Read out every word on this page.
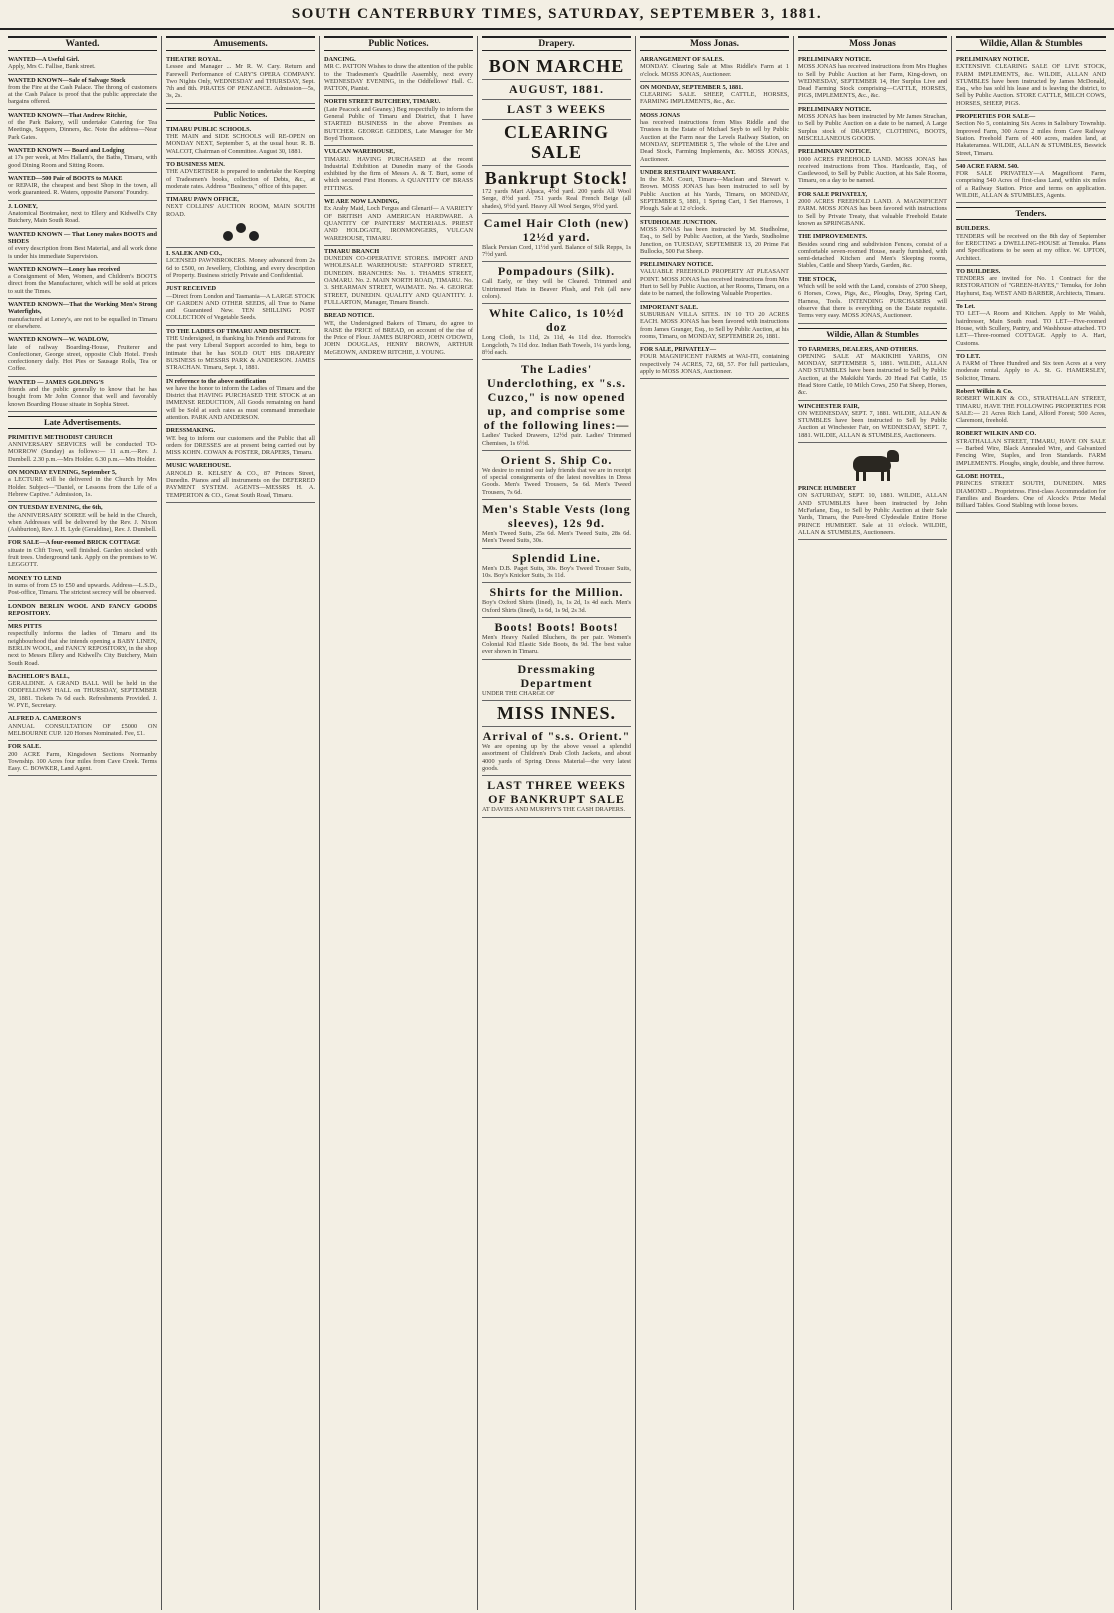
SOUTH CANTERBURY TIMES, SATURDAY, SEPTEMBER 3, 1881.
Wanted.
WANTED—A Useful Girl.
Apply, Mrs C. Fallise, Bank street.
WANTED KNOWN—Sale of Salvage Stock
from the Fire at the Cash Palace. The throng of customers at the Cash Palace is proof that the public appreciate the bargains offered.
WANTED KNOWN—That Andrew Ritchie,
of the Park Bakery, will undertake Catering for Tea Meetings, Suppers, Dinners, &c. Note the address—Near Park Gates.
WANTED KNOWN — Board and Lodging
at 17s per week, at Mrs Hallam's, the Baths, Timaru, with good Dining Room and Sitting Room.
WANTED—500 Pair of BOOTS to MAKE
or REPAIR, the cheapest and best Shop in the town, all work guaranteed. R. Waters, opposite Parsons' Foundry.
J. LONEY,
Anatomical Bootmaker, next to Ellery and Kidwell's City Butchery, Main South Road.
WANTED KNOWN — That Loney makes BOOTS and SHOES
of every description from Best Material, and all work done is under his immediate Supervision.
WANTED KNOWN—Loney has received
a Consignment of Men, Women, and Children's BOOTS direct from the Manufacturer, which will be sold at prices to suit the Times.
WANTED KNOWN—That the Working Men's Strong Waterfights,
manufactured at Loney's, are not to be equalled in Timaru or elsewhere.
WANTED KNOWN—W. WADLOW,
late of railway Boarding-House, Fruiterer and Confectioner, George street, opposite Club Hotel. Fresh confectionery daily. Hot Pies or Sausage Rolls, Tea or Coffee.
WANTED — JAMES GOLDING'S
friends and the public generally to know that he has bought from Mr John Connor that well and favorably known Boarding House situate in Sophia Street.
Late Advertisements.
PRIMITIVE METHODIST CHURCH
ANNIVERSARY SERVICES will be conducted TO-MORROW (Sunday) as follows:— 11 a.m.—Rev. J. Dumbell. 2.30 p.m.—Mrs Holder. 6.30 p.m.—Mrs Holder.
ON MONDAY EVENING, September 5,
a LECTURE will be delivered in the Church by Mrs Holder. Subject—"Daniel, or Lessons from the Life of a Hebrew Captive." Admission, 1s.
ON TUESDAY EVENING, the 6th,
the ANNIVERSARY SOIREE will be held in the Church, when Addresses will be delivered by the Rev. J. Nixon (Ashburton), Rev. J. H. Lyde (Geraldine), Rev. J. Dumbell.
FOR SALE—A four-roomed BRICK COTTAGE
situate in Clift Town, well finished. Garden stocked with fruit trees. Underground tank. Apply on the premises to W. LEGGOTT.
MONEY TO LEND
in sums of from £5 to £50 and upwards. Address—L.S.D., Post-office, Timaru. The strictest secrecy will be observed.
LONDON BERLIN WOOL AND FANCY GOODS REPOSITORY.
MRS PITTS
respectfully informs the ladies of Timaru and its neighbourhood that she intends opening a BABY LINEN, BERLIN WOOL, and FANCY REPOSITORY, in the shop next to Messrs Ellery and Kidwell's City Butchery, Main South Road.
BACHELOR'S BALL,
GERALDINE. A GRAND BALL Will be held in the ODDFELLOWS' HALL on THURSDAY, SEPTEMBER 29, 1881. Tickets 7s 6d each. Refreshments Provided. J. W. PYE, Secretary.
ALFRED A. CAMERON'S
ANNUAL CONSULTATION OF £5000 ON MELBOURNE CUP. 120 Horses Nominated. Fee, £1.
FOR SALE.
200 ACRE Farm, Kingsdown Sections Normanby Township. 100 Acres four miles from Cave Creek. Terms Easy. C. BOWKER, Land Agent.
Amusements.
THEATRE ROYAL.
Lessee and Manager ... Mr R. W. Cary. Return and Farewell Performance of CARY'S OPERA COMPANY. Two Nights Only, WEDNESDAY and THURSDAY, Sept. 7th and 8th. PIRATES OF PENZANCE. Admission—5s, 3s, 2s.
Public Notices.
TIMARU PUBLIC SCHOOLS.
THE MAIN and SIDE SCHOOLS will RE-OPEN on MONDAY NEXT, September 5, at the usual hour. R. B. WALCOT, Chairman of Committee. August 30, 1881.
TO BUSINESS MEN.
THE ADVERTISER is prepared to undertake the Keeping of Tradesmen's books, collection of Debts, &c., at moderate rates. Address "Business," office of this paper.
TIMARU PAWN OFFICE,
NEXT COLLINS' AUCTION ROOM, MAIN SOUTH ROAD.
I. SALEK AND CO.,
LICENSED PAWNBROKERS. Money advanced from 2s 6d to £500, on Jewellery, Clothing, and every description of Property. Business strictly Private and Confidential.
JUST RECEIVED
—Direct from London and Tasmania—A LARGE STOCK OF GARDEN AND OTHER SEEDS, all True to Name and Guaranteed New. TEN SHILLING POST COLLECTION of Vegetable Seeds.
TO THE LADIES OF TIMARU AND DISTRICT.
THE Undersigned, in thanking his Friends and Patrons for the past very Liberal Support accorded to him, begs to intimate that he has SOLD OUT HIS DRAPERY BUSINESS to MESSRS PARK & ANDERSON. JAMES STRACHAN. Timaru, Sept. 1, 1881.
IN reference to the above notification
we have the honor to inform the Ladies of Timaru and the District that HAVING PURCHASED THE STOCK at an IMMENSE REDUCTION, All Goods remaining on hand will be Sold at such rates as must command immediate attention. PARK AND ANDERSON.
DRESSMAKING.
WE beg to inform our customers and the Public that all orders for DRESSES are at present being carried out by MISS KOHN. COWAN & FOSTER, DRAPERS, Timaru.
MUSIC WAREHOUSE.
ARNOLD R. KELSEY & CO., 87 Princes Street, Dunedin. Pianos and all instruments on the DEFERRED PAYMENT SYSTEM. AGENTS—MESSRS H. A. TEMPERTON & CO., Great South Road, Timaru.
Public Notices.
DANCING.
MR C. PATTON Wishes to draw the attention of the public to the Tradesmen's Quadrille Assembly, next every WEDNESDAY EVENING, in the Oddfellows' Hall. C. PATTON, Pianist.
NORTH STREET BUTCHERY, TIMARU.
(Late Peacock and Geaney.) Beg respectfully to inform the General Public of Timaru and District, that I have STARTED BUSINESS in the above Premises as BUTCHER. GEORGE GEDDES, Late Manager for Mr Boyd Thomson.
VULCAN WAREHOUSE,
TIMARU. HAVING PURCHASED at the recent Industrial Exhibition at Dunedin many of the Goods exhibited by the firm of Messrs A. & T. Burt, some of which secured First Honors. A QUANTITY OF BRASS FITTINGS.
WE ARE NOW LANDING,
Ex Araby Maid, Loch Fergus and Glenarif— A VARIETY OF BRITISH AND AMERICAN HARDWARE. A QUANTITY OF PAINTERS' MATERIALS. PRIEST AND HOLDGATE, IRONMONGERS, VULCAN WAREHOUSE, TIMARU.
TIMARU BRANCH
DUNEDIN CO-OPERATIVE STORES. IMPORT AND WHOLESALE WAREHOUSE: STAFFORD STREET, DUNEDIN. BRANCHES: No. 1. THAMES STREET, OAMARU. No. 2. MAIN NORTH ROAD, TIMARU. No. 3. SHEARMAN STREET, WAIMATE. No. 4. GEORGE STREET, DUNEDIN. QUALITY AND QUANTITY. J. FULLARTON, Manager, Timaru Branch.
BREAD NOTICE.
WE, the Undersigned Bakers of Timaru, do agree to RAISE the PRICE of BREAD, on account of the rise of the Price of Flour. JAMES BURFORD, JOHN O'DOWD, JOHN DOUGLAS, HENRY BROWN, ARTHUR McGEOWN, ANDREW RITCHIE, J. YOUNG.
Drapery.
BON MARCHE
AUGUST, 1881.
LAST 3 WEEKS
CLEARING SALE
Bankrupt Stock!
172 yards Mart Alpaca, 4½d yard. 200 yards All Wool Serge, 8½d yard. 751 yards Real French Beige (all shades), 9½d yard. Heavy All Wool Serges, 9½d yard.
Camel Hair Cloth (new) 12½d yard.
Black Persian Cord, 11½d yard. Balance of Silk Repps, 1s 7½d yard.
Pompadours (Silk).
Call Early, or they will be Cleared. Trimmed and Untrimmed Hats in Beaver Plush, and Felt (all new colors).
White Calico, 1s 10½d doz
Long Cloth, 1s 11d, 2s 11d, 4s 11d doz. Horrock's Longcloth, 7s 11d doz. Indian Bath Towels, 1¼ yards long, 8½d each.
The Ladies' Underclothing, ex "s.s. Cuzco," is now opened up, and comprise some of the following lines:—
Ladies' Tucked Drawers, 12½d pair. Ladies' Trimmed Chemises, 1s 6½d.
Orient S. Ship Co.
We desire to remind our lady friends that we are in receipt of special consignments of the latest novelties in Dress Goods. Men's Tweed Trousers, 5s 6d. Men's Tweed Trousers, 7s 6d.
Men's Stable Vests (long sleeves), 12s 9d.
Men's Tweed Suits, 25s 6d. Men's Tweed Suits, 28s 6d. Men's Tweed Suits, 30s.
Splendid Line.
Men's D.B. Paget Suits, 30s. Boy's Tweed Trouser Suits, 10s. Boy's Knicker Suits, 3s 11d.
Shirts for the Million.
Boy's Oxford Shirts (lined), 1s, 1s 2d, 1s 4d each. Men's Oxford Shirts (lined), 1s 6d, 1s 9d, 2s 3d.
Boots! Boots! Boots!
Men's Heavy Nailed Bluchers, 8s per pair. Women's Colonial Kid Elastic Side Boots, 8s 9d. The best value ever shown in Timaru.
Dressmaking Department
UNDER THE CHARGE OF
MISS INNES.
Arrival of "s.s. Orient."
We are opening up by the above vessel a splendid assortment of Children's Drab Cloth Jackets, and about 4000 yards of Spring Dress Material—the very latest goods.
LAST THREE WEEKS OF BANKRUPT SALE
AT DAVIES AND MURPHY'S THE CASH DRAPERS.
Moss Jonas.
ARRANGEMENT OF SALES.
MONDAY. Clearing Sale at Miss Riddle's Farm at 1 o'clock. MOSS JONAS, Auctioneer.
ON MONDAY, SEPTEMBER 5, 1881.
CLEARING SALE. SHEEP, CATTLE, HORSES, FARMING IMPLEMENTS, &c., &c.
MOSS JONAS
has received instructions from Miss Riddle and the Trustees in the Estate of Michael Seyb to sell by Public Auction at the Farm near the Levels Railway Station, on MONDAY, SEPTEMBER 5, The whole of the Live and Dead Stock, Farming Implements, &c. MOSS JONAS, Auctioneer.
UNDER RESTRAINT WARRANT.
In the R.M. Court, Timaru—Maclean and Stewart v. Brown. MOSS JONAS has been instructed to sell by Public Auction at his Yards, Timaru, on MONDAY, SEPTEMBER 5, 1881, 1 Spring Cart, 1 Set Harrows, 1 Plough. Sale at 12 o'clock.
STUDHOLME JUNCTION.
MOSS JONAS has been instructed by M. Studholme, Esq., to Sell by Public Auction, at the Yards, Studholme Junction, on TUESDAY, SEPTEMBER 13, 20 Prime Fat Bullocks, 500 Fat Sheep.
PRELIMINARY NOTICE.
VALUABLE FREEHOLD PROPERTY AT PLEASANT POINT. MOSS JONAS has received instructions from Mrs Hurt to Sell by Public Auction, at her Rooms, Timaru, on a date to be named, the following Valuable Properties.
IMPORTANT SALE.
SUBURBAN VILLA SITES. IN 10 TO 20 ACRES EACH. MOSS JONAS has been favored with instructions from James Granger, Esq., to Sell by Public Auction, at his rooms, Timaru, on MONDAY, SEPTEMBER 26, 1881.
FOR SALE, PRIVATELY—
FOUR MAGNIFICENT FARMS at WAI-ITI, containing respectively 74 ACRES, 72, 68, 57. For full particulars, apply to MOSS JONAS, Auctioneer.
Moss Jonas
PRELIMINARY NOTICE.
MOSS JONAS has received instructions from Mrs Hughes to Sell by Public Auction at her Farm, King-down, on WEDNESDAY, SEPTEMBER 14, Her Surplus Live and Dead Farming Stock comprising—CATTLE, HORSES, PIGS, IMPLEMENTS, &c., &c.
PRELIMINARY NOTICE.
MOSS JONAS has been instructed by Mr James Strachan, to Sell by Public Auction on a date to be named, A Large Surplus stock of DRAPERY, CLOTHING, BOOTS, MISCELLANEOUS GOODS.
PRELIMINARY NOTICE.
1000 ACRES FREEHOLD LAND. MOSS JONAS has received instructions from Thos. Hardcastle, Esq., of Castlewood, to Sell by Public Auction, at his Sale Rooms, Timaru, on a day to be named.
FOR SALE PRIVATELY,
2000 ACRES FREEHOLD LAND. A MAGNIFICENT FARM. MOSS JONAS has been favored with instructions to Sell by Private Treaty, that valuable Freehold Estate known as SPRINGBANK.
THE IMPROVEMENTS.
Besides sound ring and subdivision Fences, consist of a comfortable seven-roomed House, nearly furnished, with semi-detached Kitchen and Men's Sleeping rooms, Stables, Cattle and Sheep Yards, Garden, &c.
THE STOCK,
Which will be sold with the Land, consists of 2700 Sheep, 6 Horses, Cows, Pigs, &c., Ploughs, Dray, Spring Cart, Harness, Tools. INTENDING PURCHASERS will observe that there is everything on the Estate requisite. Terms very easy. MOSS JONAS, Auctioneer.
Wildie, Allan & Stumbles
TO FARMERS, DEALERS, AND OTHERS.
OPENING SALE AT MAKIKIHI YARDS, ON MONDAY, SEPTEMBER 5, 1881. WILDIE, ALLAN AND STUMBLES have been instructed to Sell by Public Auction, at the Makikihi Yards. 20 Head Fat Cattle, 15 Head Store Cattle, 10 Milch Cows, 250 Fat Sheep, Horses, &c.
WINCHESTER FAIR,
ON WEDNESDAY, SEPT. 7, 1881. WILDIE, ALLAN & STUMBLES have been instructed to Sell by Public Auction at Winchester Fair, on WEDNESDAY, SEPT. 7, 1881. WILDIE, ALLAN & STUMBLES, Auctioneers.
PRINCE HUMBERT
ON SATURDAY, SEPT. 10, 1881. WILDIE, ALLAN AND STUMBLES have been instructed by John McFarlane, Esq., to Sell by Public Auction at their Sale Yards, Timaru, the Pure-bred Clydesdale Entire Horse PRINCE HUMBERT. Sale at 11 o'clock. WILDIE, ALLAN & STUMBLES, Auctioneers.
Wildie, Allan & Stumbles
PRELIMINARY NOTICE.
EXTENSIVE CLEARING SALE OF LIVE STOCK, FARM IMPLEMENTS, &c. WILDIE, ALLAN AND STUMBLES have been instructed by James McDonald, Esq., who has sold his lease and is leaving the district, to Sell by Public Auction. STORE CATTLE, MILCH COWS, HORSES, SHEEP, PIGS.
PROPERTIES FOR SALE—
Section No 5, containing Six Acres in Salisbury Township. Improved Farm, 300 Acres 2 miles from Cave Railway Station. Freehold Farm of 400 acres, maiden land, at Hakateramea. WILDIE, ALLAN & STUMBLES, Beswick Street, Timaru.
540 ACRE FARM. 540.
FOR SALE PRIVATELY—A Magnificent Farm, comprising 540 Acres of first-class Land, within six miles of a Railway Station. Price and terms on application. WILDIE, ALLAN & STUMBLES, Agents.
Tenders.
BUILDERS.
TENDERS will be received on the 8th day of September for ERECTING a DWELLING-HOUSE at Temuka. Plans and Specifications to be seen at my office. W. UPTON, Architect.
TO BUILDERS.
TENDERS are invited for No. 1 Contract for the RESTORATION of "GREEN-HAYES," Temuka, for John Hayhurst, Esq. WEST AND BARBER, Architects, Timaru.
To Let.
TO LET—A Room and Kitchen. Apply to Mr Walsh, hairdresser, Main South road. TO LET—Five-roomed House, with Scullery, Pantry, and Washhouse attached. TO LET—Three-roomed COTTAGE. Apply to A. Hart, Customs.
TO LET.
A FARM of Three Hundred and Six teen Acres at a very moderate rental. Apply to A. St. G. HAMERSLEY, Solicitor, Timaru.
Robert Wilkin & Co.
ROBERT WILKIN & CO., STRATHALLAN STREET, TIMARU, HAVE THE FOLLOWING PROPERTIES FOR SALE:— 21 Acres Rich Land, Alford Forest; 500 Acres, Claremont, freehold.
ROBERT WILKIN AND CO.
STRATHALLAN STREET, TIMARU, HAVE ON SALE— Barbed Wire, Black Annealed Wire, and Galvanized Fencing Wire, Staples, and Iron Standards. FARM IMPLEMENTS. Ploughs, single, double, and three furrow.
GLOBE HOTEL,
PRINCES STREET SOUTH, DUNEDIN. MRS DIAMOND ... Proprietress. First-class Accommodation for Families and Boarders. One of Alcock's Prize Medal Billiard Tables. Good Stabling with loose boxes.
